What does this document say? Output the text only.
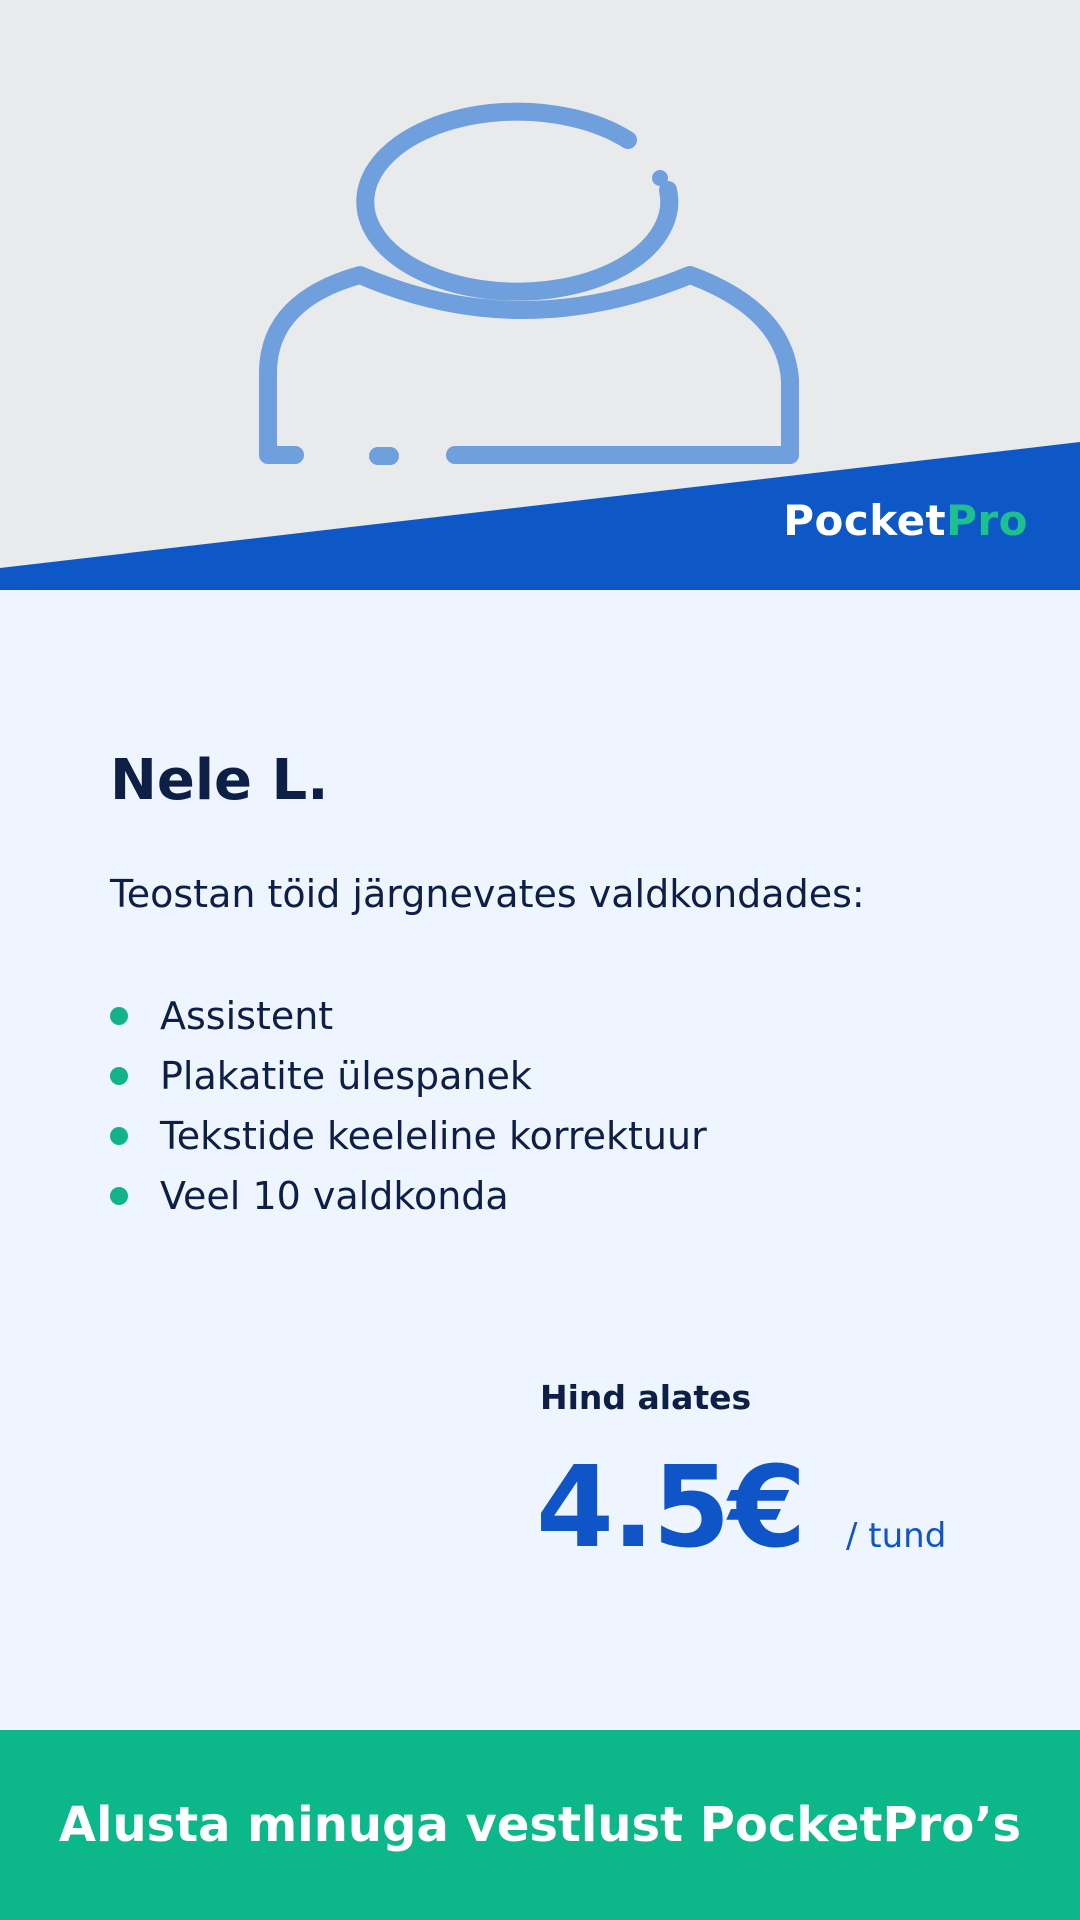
PocketPro
Nele L.

Teostan töid järgnevates valdkondades:

Assistent
Plakatite ülespanek
Tekstide keeleline korrektuur
Veel 10 valdkonda
Hind alates
4.5€ / tund
Alusta minuga vestlust PocketPro’s
